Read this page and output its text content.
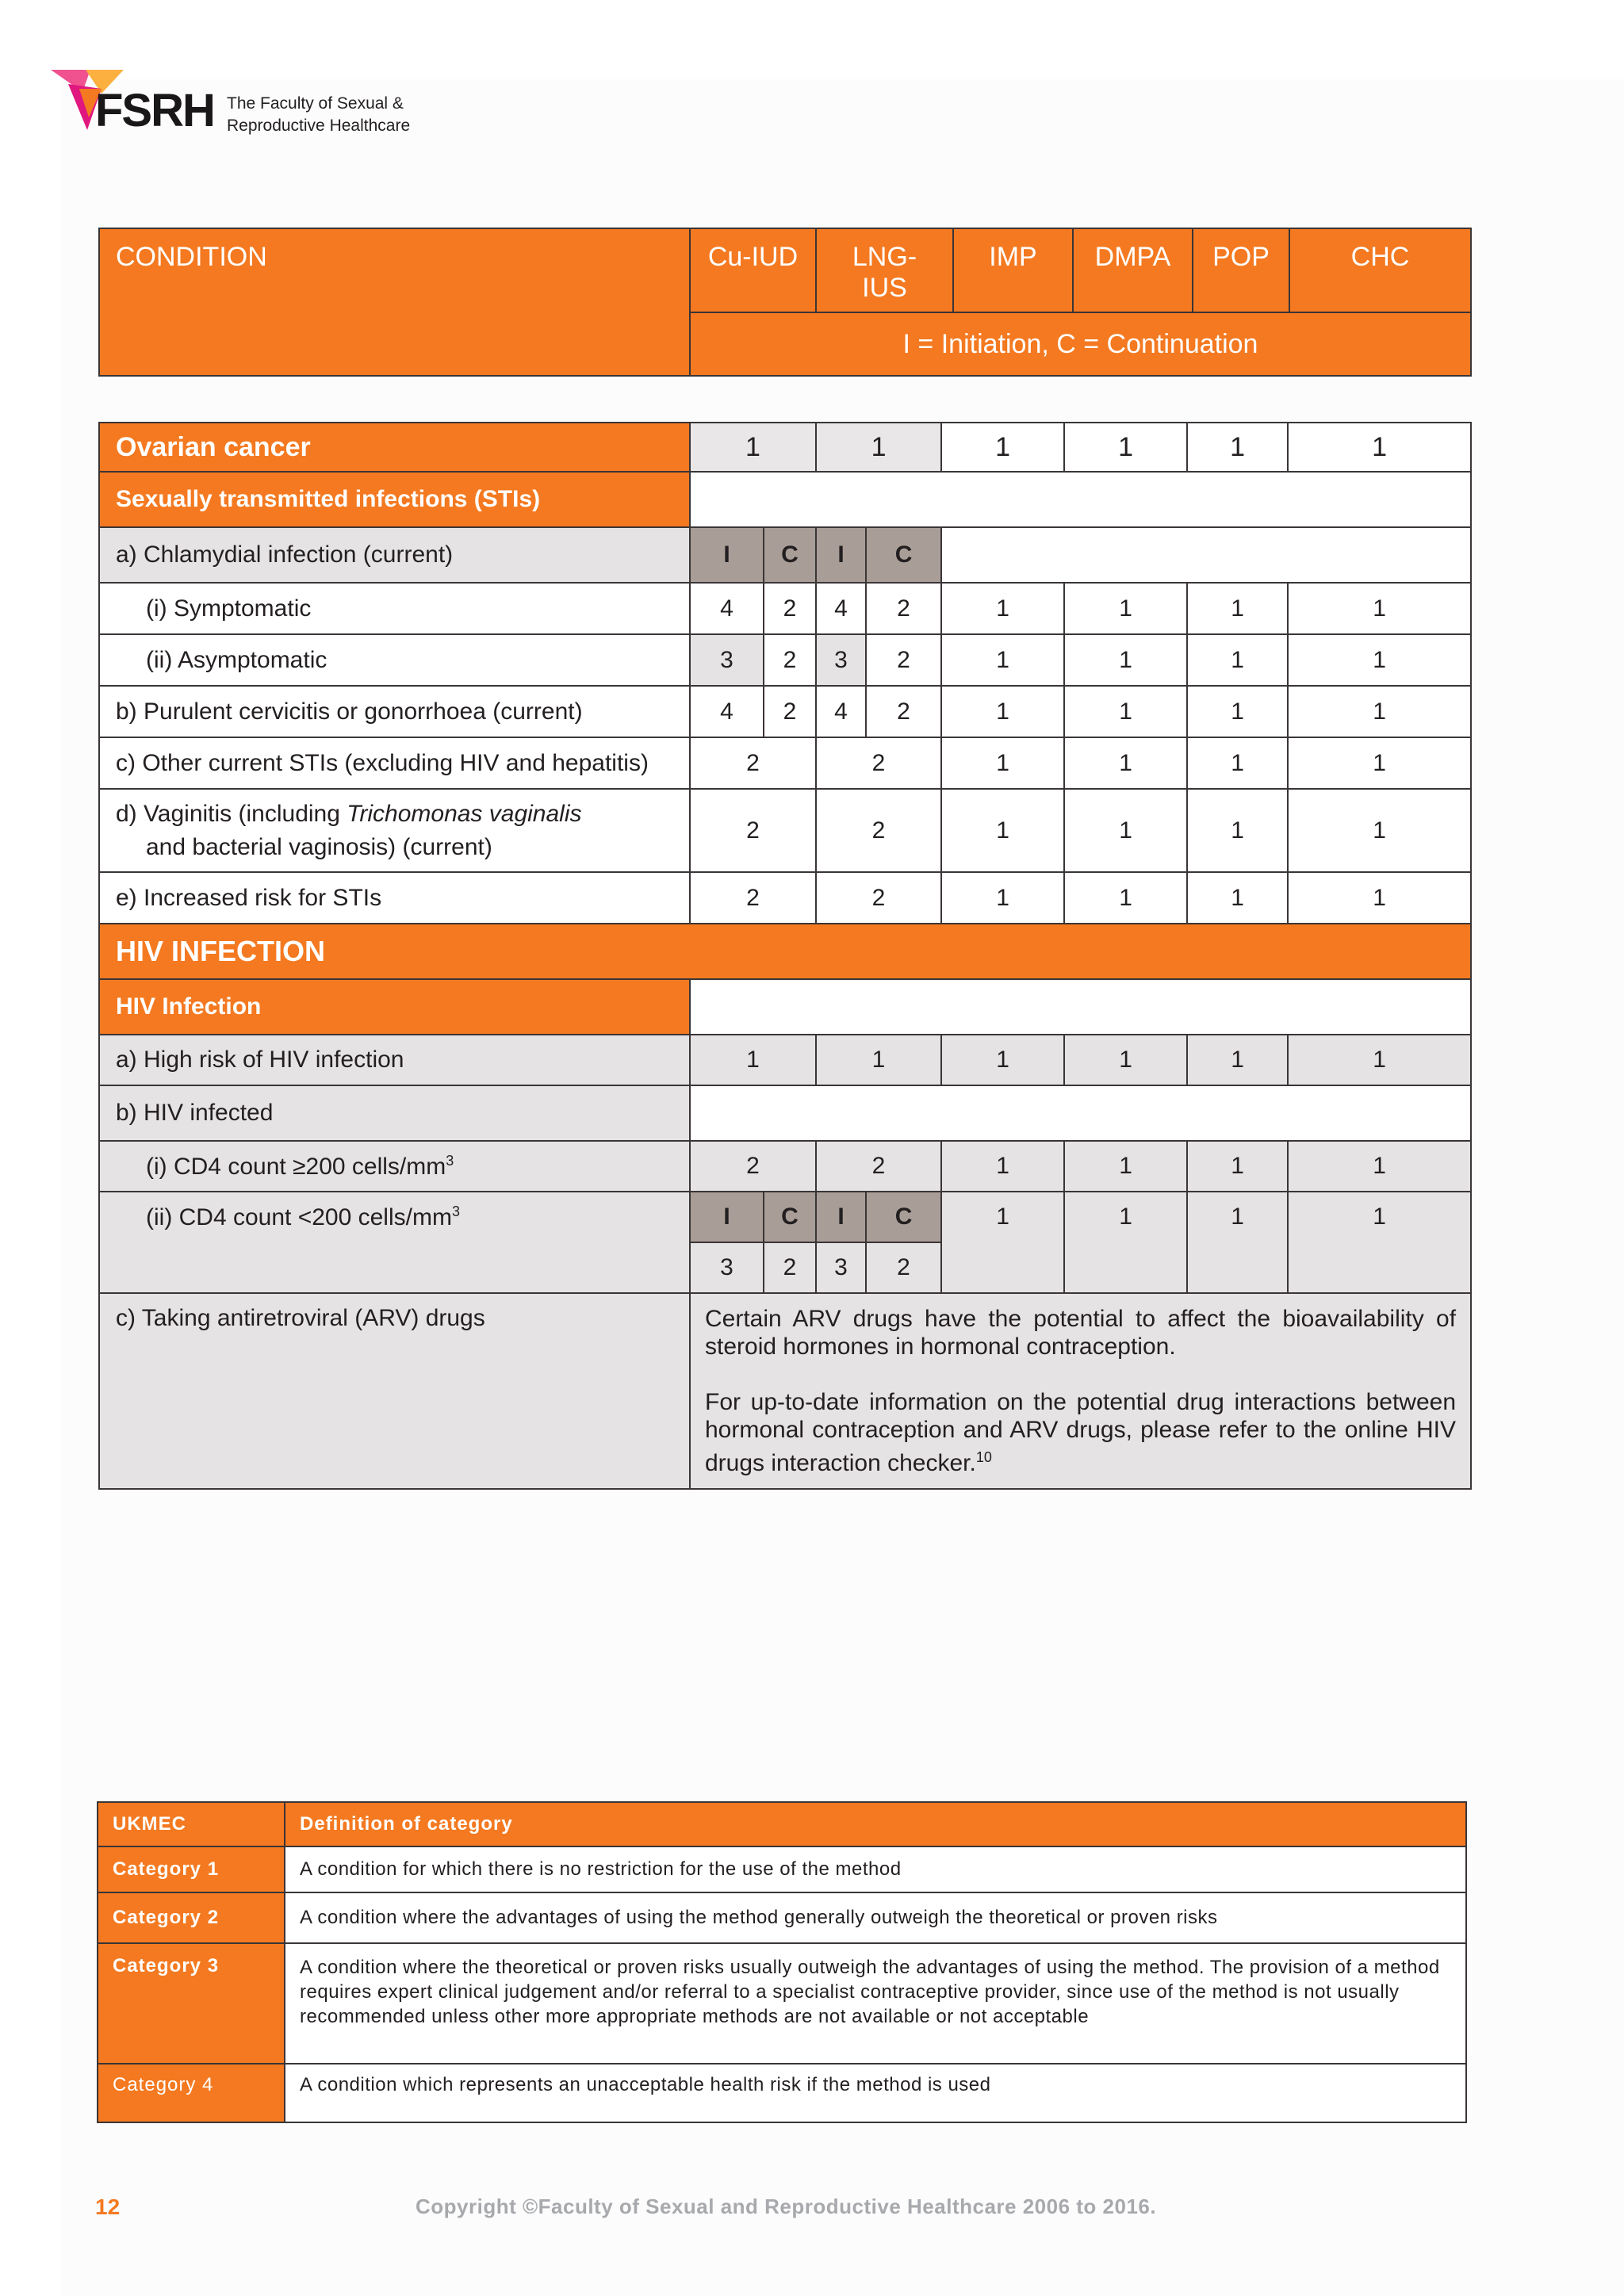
FSRH The Faculty of Sexual &
Reproductive Healthcare
CONDITION	Cu-IUD	LNG-IUS	IMP	DMPA	POP	CHC
I = Initiation, C = Continuation
Ovarian cancer	1		1		1	1	1	1
Sexually transmitted infections (STIs)								
a) Chlamydial infection (current)	I	C	I	C				
(i) Symptomatic	4	2	4	2	1	1	1	1
(ii) Asymptomatic	3	2	3	2	1	1	1	1
b) Purulent cervicitis or gonorrhoea (current)	4	2	4	2	1	1	1	1
c) Other current STIs (excluding HIV and hepatitis)	2		2		1	1	1	1
d) Vaginitis (including Trichomonas vaginalis
and bacterial vaginosis) (current)	2		2		1	1	1	1
e) Increased risk for STIs	2		2		1	1	1	1
HIV INFECTION								
HIV Infection								
a) High risk of HIV infection	1		1		1	1	1	1
b) HIV infected								
(i) CD4 count ≥200 cells/$mm^3$	2		2		1	1	1	1
(ii) CD4 count <200 cells/$mm^3$	I	C	I	C	1	1	1	1
	3	2	3	2				
c) Taking antiretroviral (ARV) drugs	Certain ARV drugs have the potential to affect the bioavailability of steroid hormones in hormonal contraception.
For up-to-date information on the potential drug interactions between hormonal contraception and ARV drugs, please refer to the online HIV drugs interaction checker.$^{10}$
UKMEC	Definition of category
Category 1	A condition for which there is no restriction for the use of the method
Category 2	A condition where the advantages of using the method generally outweigh the theoretical or proven risks
Category 3	A condition where the theoretical or proven risks usually outweigh the advantages of using the method. The provision of a method requires expert clinical judgement and/or referral to a specialist contraceptive provider, since use of the method is not usually recommended unless other more appropriate methods are not available or not acceptable
Category 4	A condition which represents an unacceptable health risk if the method is used
12	Copyright ©Faculty of Sexual and Reproductive Healthcare 2006 to 2016.
